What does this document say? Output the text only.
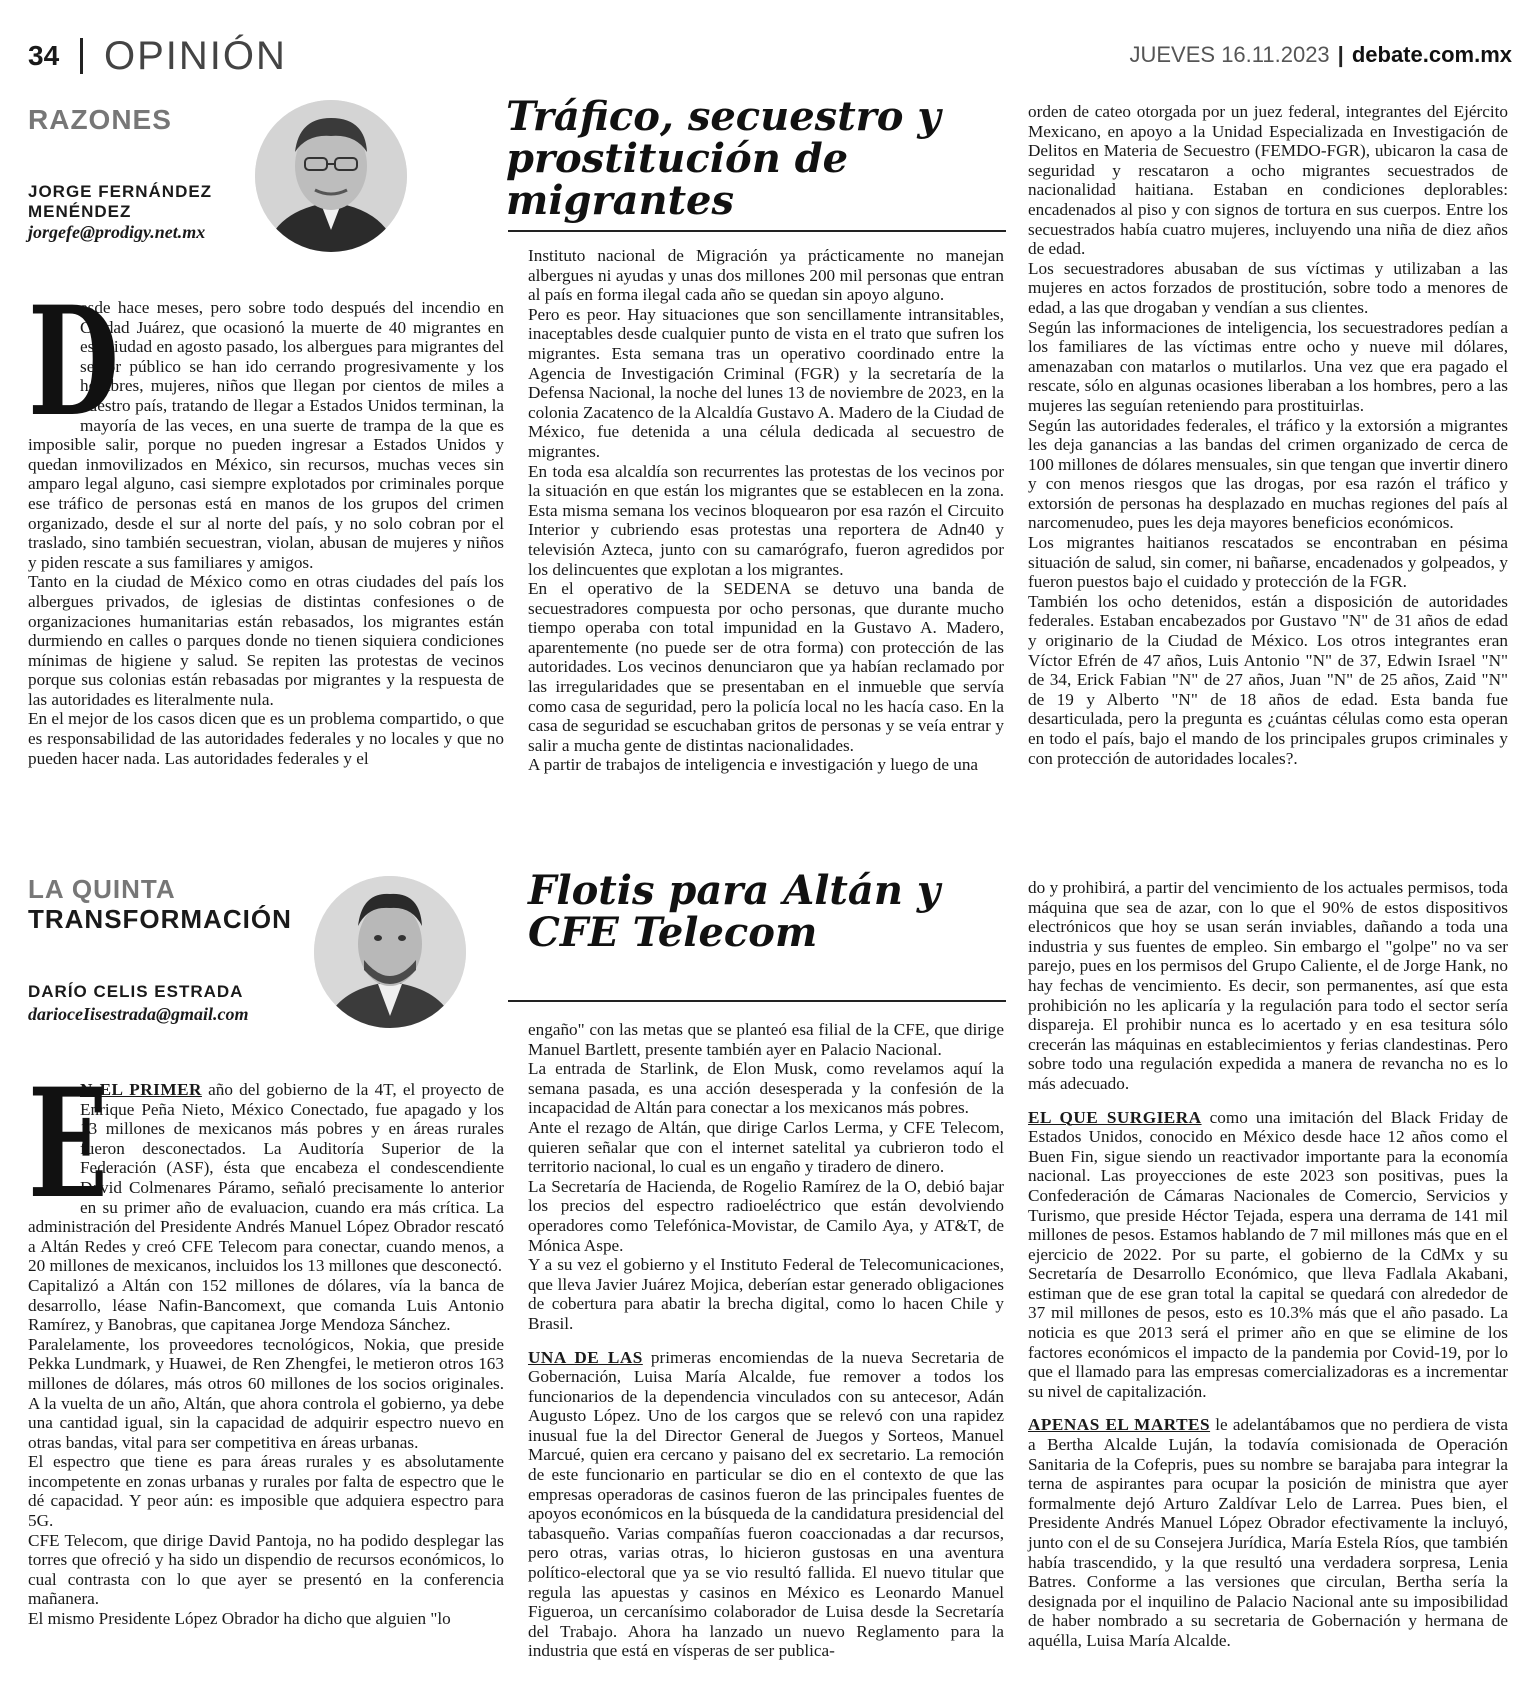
34 OPINIÓN	JUEVES 16.11.2023 | debate.com.mx
RAZONES
JORGE FERNÁNDEZ
MENÉNDEZ
jorgefe@prodigy.net.mx
Tráfico, secuestro y prostitución de migrantes
D

esde hace meses, pero sobre todo después del incendio en Ciudad Juárez, que ocasionó la muerte de 40 migrantes en esa ciudad en agosto pasado, los albergues para migrantes del sector público se han ido cerrando progresivamente y los hombres, mujeres, niños que llegan por cientos de miles a nuestro país, tratando de llegar a Estados Unidos terminan, la mayoría de las veces, en una suerte de trampa de la que es imposible salir, porque no pueden ingresar a Estados Unidos y quedan inmovilizados en México, sin recursos, muchas veces sin amparo legal alguno, casi siempre explotados por criminales porque ese tráfico de personas está en manos de los grupos del crimen organizado, desde el sur al norte del país, y no solo cobran por el traslado, sino también secuestran, violan, abusan de mujeres y niños y piden rescate a sus familiares y amigos.

Tanto en la ciudad de México como en otras ciudades del país los albergues privados, de iglesias de distintas confesiones o de organizaciones humanitarias están rebasados, los migrantes están durmiendo en calles o parques donde no tienen siquiera condiciones mínimas de higiene y salud. Se repiten las protestas de vecinos porque sus colonias están rebasadas por migrantes y la respuesta de las autoridades es literalmente nula.

En el mejor de los casos dicen que es un problema compartido, o que es responsabilidad de las autoridades federales y no locales y que no pueden hacer nada. Las autoridades federales y el

Instituto nacional de Migración ya prácticamente no manejan albergues ni ayudas y unas dos millones 200 mil personas que entran al país en forma ilegal cada año se quedan sin apoyo alguno.

Pero es peor. Hay situaciones que son sencillamente intransitables, inaceptables desde cualquier punto de vista en el trato que sufren los migrantes. Esta semana tras un operativo coordinado entre la Agencia de Investigación Criminal (FGR) y la secretaría de la Defensa Nacional, la noche del lunes 13 de noviembre de 2023, en la colonia Zacatenco de la Alcaldía Gustavo A. Madero de la Ciudad de México, fue detenida a una célula dedicada al secuestro de migrantes.

En toda esa alcaldía son recurrentes las protestas de los vecinos por la situación en que están los migrantes que se establecen en la zona. Esta misma semana los vecinos bloquearon por esa razón el Circuito Interior y cubriendo esas protestas una reportera de Adn40 y televisión Azteca, junto con su camarógrafo, fueron agredidos por los delincuentes que explotan a los migrantes.

En el operativo de la SEDENA se detuvo una banda de secuestradores compuesta por ocho personas, que durante mucho tiempo operaba con total impunidad en la Gustavo A. Madero, aparentemente (no puede ser de otra forma) con protección de las autoridades. Los vecinos denunciaron que ya habían reclamado por las irregularidades que se presentaban en el inmueble que servía como casa de seguridad, pero la policía local no les hacía caso. En la casa de seguridad se escuchaban gritos de personas y se veía entrar y salir a mucha gente de distintas nacionalidades.

A partir de trabajos de inteligencia e investigación y luego de una

orden de cateo otorgada por un juez federal, integrantes del Ejército Mexicano, en apoyo a la Unidad Especializada en Investigación de Delitos en Materia de Secuestro (FEMDO-FGR), ubicaron la casa de seguridad y rescataron a ocho migrantes secuestrados de nacionalidad haitiana. Estaban en condiciones deplorables: encadenados al piso y con signos de tortura en sus cuerpos. Entre los secuestrados había cuatro mujeres, incluyendo una niña de diez años de edad.

Los secuestradores abusaban de sus víctimas y utilizaban a las mujeres en actos forzados de prostitución, sobre todo a menores de edad, a las que drogaban y vendían a sus clientes.

Según las informaciones de inteligencia, los secuestradores pedían a los familiares de las víctimas entre ocho y nueve mil dólares, amenazaban con matarlos o mutilarlos. Una vez que era pagado el rescate, sólo en algunas ocasiones liberaban a los hombres, pero a las mujeres las seguían reteniendo para prostituirlas.

Según las autoridades federales, el tráfico y la extorsión a migrantes les deja ganancias a las bandas del crimen organizado de cerca de 100 millones de dólares mensuales, sin que tengan que invertir dinero y con menos riesgos que las drogas, por esa razón el tráfico y extorsión de personas ha desplazado en muchas regiones del país al narcomenudeo, pues les deja mayores beneficios económicos.

Los migrantes haitianos rescatados se encontraban en pésima situación de salud, sin comer, ni bañarse, encadenados y golpeados, y fueron puestos bajo el cuidado y protección de la FGR.

También los ocho detenidos, están a disposición de autoridades federales. Estaban encabezados por Gustavo "N" de 31 años de edad y originario de la Ciudad de México. Los otros integrantes eran Víctor Efrén de 47 años, Luis Antonio "N" de 37, Edwin Israel "N" de 34, Erick Fabian "N" de 27 años, Juan "N" de 25 años, Zaid "N" de 19 y Alberto "N" de 18 años de edad. Esta banda fue desarticulada, pero la pregunta es ¿cuántas células como esta operan en todo el país, bajo el mando de los principales grupos criminales y con protección de autoridades locales?.

LA QUINTA
TRANSFORMACIÓN
DARÍO CELIS ESTRADA
darioceIisestrada@gmail.com
Flotis para Altán y CFE Telecom
E

N EL PRIMER año del gobierno de la 4T, el proyecto de Enrique Peña Nieto, México Conectado, fue apagado y los 13 millones de mexicanos más pobres y en áreas rurales fueron desconectados. La Auditoría Superior de la Federación (ASF), ésta que encabeza el condescendiente David Colmenares Páramo, señaló precisamente lo anterior en su primer año de evaluacion, cuando era más crítica. La administración del Presidente Andrés Manuel López Obrador rescató a Altán Redes y creó CFE Telecom para conectar, cuando menos, a 20 millones de mexicanos, incluidos los 13 millones que desconectó.

Capitalizó a Altán con 152 millones de dólares, vía la banca de desarrollo, léase Nafin-Bancomext, que comanda Luis Antonio Ramírez, y Banobras, que capitanea Jorge Mendoza Sánchez.

Paralelamente, los proveedores tecnológicos, Nokia, que preside Pekka Lundmark, y Huawei, de Ren Zhengfei, le metieron otros 163 millones de dólares, más otros 60 millones de los socios originales. A la vuelta de un año, Altán, que ahora controla el gobierno, ya debe una cantidad igual, sin la capacidad de adquirir espectro nuevo en otras bandas, vital para ser competitiva en áreas urbanas.

El espectro que tiene es para áreas rurales y es absolutamente incompetente en zonas urbanas y rurales por falta de espectro que le dé capacidad. Y peor aún: es imposible que adquiera espectro para 5G.

CFE Telecom, que dirige David Pantoja, no ha podido desplegar las torres que ofreció y ha sido un dispendio de recursos económicos, lo cual contrasta con lo que ayer se presentó en la conferencia mañanera.

El mismo Presidente López Obrador ha dicho que alguien "lo

engaño" con las metas que se planteó esa filial de la CFE, que dirige Manuel Bartlett, presente también ayer en Palacio Nacional.

La entrada de Starlink, de Elon Musk, como revelamos aquí la semana pasada, es una acción desesperada y la confesión de la incapacidad de Altán para conectar a los mexicanos más pobres.

Ante el rezago de Altán, que dirige Carlos Lerma, y CFE Telecom, quieren señalar que con el internet satelital ya cubrieron todo el territorio nacional, lo cual es un engaño y tiradero de dinero.

La Secretaría de Hacienda, de Rogelio Ramírez de la O, debió bajar los precios del espectro radioeléctrico que están devolviendo operadores como Telefónica-Movistar, de Camilo Aya, y AT&T, de Mónica Aspe.

Y a su vez el gobierno y el Instituto Federal de Telecomunicaciones, que lleva Javier Juárez Mojica, deberían estar generado obligaciones de cobertura para abatir la brecha digital, como lo hacen Chile y Brasil.

UNA DE LAS primeras encomiendas de la nueva Secretaria de Gobernación, Luisa María Alcalde, fue remover a todos los funcionarios de la dependencia vinculados con su antecesor, Adán Augusto López. Uno de los cargos que se relevó con una rapidez inusual fue la del Director General de Juegos y Sorteos, Manuel Marcué, quien era cercano y paisano del ex secretario. La remoción de este funcionario en particular se dio en el contexto de que las empresas operadoras de casinos fueron de las principales fuentes de apoyos económicos en la búsqueda de la candidatura presidencial del tabasqueño. Varias compañías fueron coaccionadas a dar recursos, pero otras, varias otras, lo hicieron gustosas en una aventura político-electoral que ya se vio resultó fallida. El nuevo titular que regula las apuestas y casinos en México es Leonardo Manuel Figueroa, un cercanísimo colaborador de Luisa desde la Secretaría del Trabajo. Ahora ha lanzado un nuevo Reglamento para la industria que está en vísperas de ser publica-

do y prohibirá, a partir del vencimiento de los actuales permisos, toda máquina que sea de azar, con lo que el 90% de estos dispositivos electrónicos que hoy se usan serán inviables, dañando a toda una industria y sus fuentes de empleo. Sin embargo el "golpe" no va ser parejo, pues en los permisos del Grupo Caliente, el de Jorge Hank, no hay fechas de vencimiento. Es decir, son permanentes, así que esta prohibición no les aplicaría y la regulación para todo el sector sería dispareja. El prohibir nunca es lo acertado y en esa tesitura sólo crecerán las máquinas en establecimientos y ferias clandestinas. Pero sobre todo una regulación expedida a manera de revancha no es lo más adecuado.

EL QUE SURGIERA como una imitación del Black Friday de Estados Unidos, conocido en México desde hace 12 años como el Buen Fin, sigue siendo un reactivador importante para la economía nacional. Las proyecciones de este 2023 son positivas, pues la Confederación de Cámaras Nacionales de Comercio, Servicios y Turismo, que preside Héctor Tejada, espera una derrama de 141 mil millones de pesos. Estamos hablando de 7 mil millones más que en el ejercicio de 2022. Por su parte, el gobierno de la CdMx y su Secretaría de Desarrollo Económico, que lleva Fadlala Akabani, estiman que de ese gran total la capital se quedará con alrededor de 37 mil millones de pesos, esto es 10.3% más que el año pasado. La noticia es que 2013 será el primer año en que se elimine de los factores económicos el impacto de la pandemia por Covid-19, por lo que el llamado para las empresas comercializadoras es a incrementar su nivel de capitalización.

APENAS EL MARTES le adelantábamos que no perdiera de vista a Bertha Alcalde Luján, la todavía comisionada de Operación Sanitaria de la Cofepris, pues su nombre se barajaba para integrar la terna de aspirantes para ocupar la posición de ministra que ayer formalmente dejó Arturo Zaldívar Lelo de Larrea. Pues bien, el Presidente Andrés Manuel López Obrador efectivamente la incluyó, junto con el de su Consejera Jurídica, María Estela Ríos, que también había trascendido, y la que resultó una verdadera sorpresa, Lenia Batres. Conforme a las versiones que circulan, Bertha sería la designada por el inquilino de Palacio Nacional ante su imposibilidad de haber nombrado a su secretaria de Gobernación y hermana de aquélla, Luisa María Alcalde.
